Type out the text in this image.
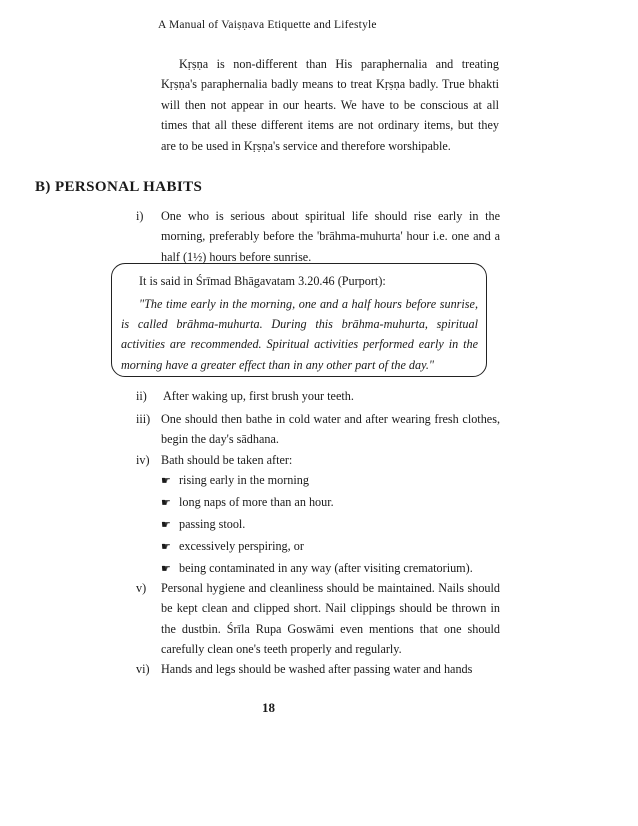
A Manual of Vaiṣṇava Etiquette and Lifestyle

Kṛṣṇa is non-different than His paraphernalia and treating Kṛṣṇa's paraphernalia badly means to treat Kṛṣṇa badly. True bhakti will then not appear in our hearts. We have to be conscious at all times that all these different items are not ordinary items, but they are to be used in Kṛṣṇa's service and therefore worshipable.

B) PERSONAL HABITS
i) One who is serious about spiritual life should rise early in the morning, preferably before the 'brāhma-muhurta' hour i.e. one and a half (1½) hours before sunrise.
It is said in Śrīmad Bhāgavatam 3.20.46 (Purport):

"The time early in the morning, one and a half hours before sunrise, is called brāhma-muhurta. During this brāhma-muhurta, spiritual activities are recommended. Spiritual activities performed early in the morning have a greater effect than in any other part of the day."

ii) After waking up, first brush your teeth.
iii) One should then bathe in cold water and after wearing fresh clothes, begin the day's sādhana.
iv) Bath should be taken after:
☛ rising early in the morning
☛ long naps of more than an hour.
☛ passing stool.
☛ excessively perspiring, or
☛ being contaminated in any way (after visiting crematorium).
v) Personal hygiene and cleanliness should be maintained. Nails should be kept clean and clipped short. Nail clippings should be thrown in the dustbin. Śrīla Rupa Goswāmi even mentions that one should carefully clean one's teeth properly and regularly.
vi) Hands and legs should be washed after passing water and hands
18
